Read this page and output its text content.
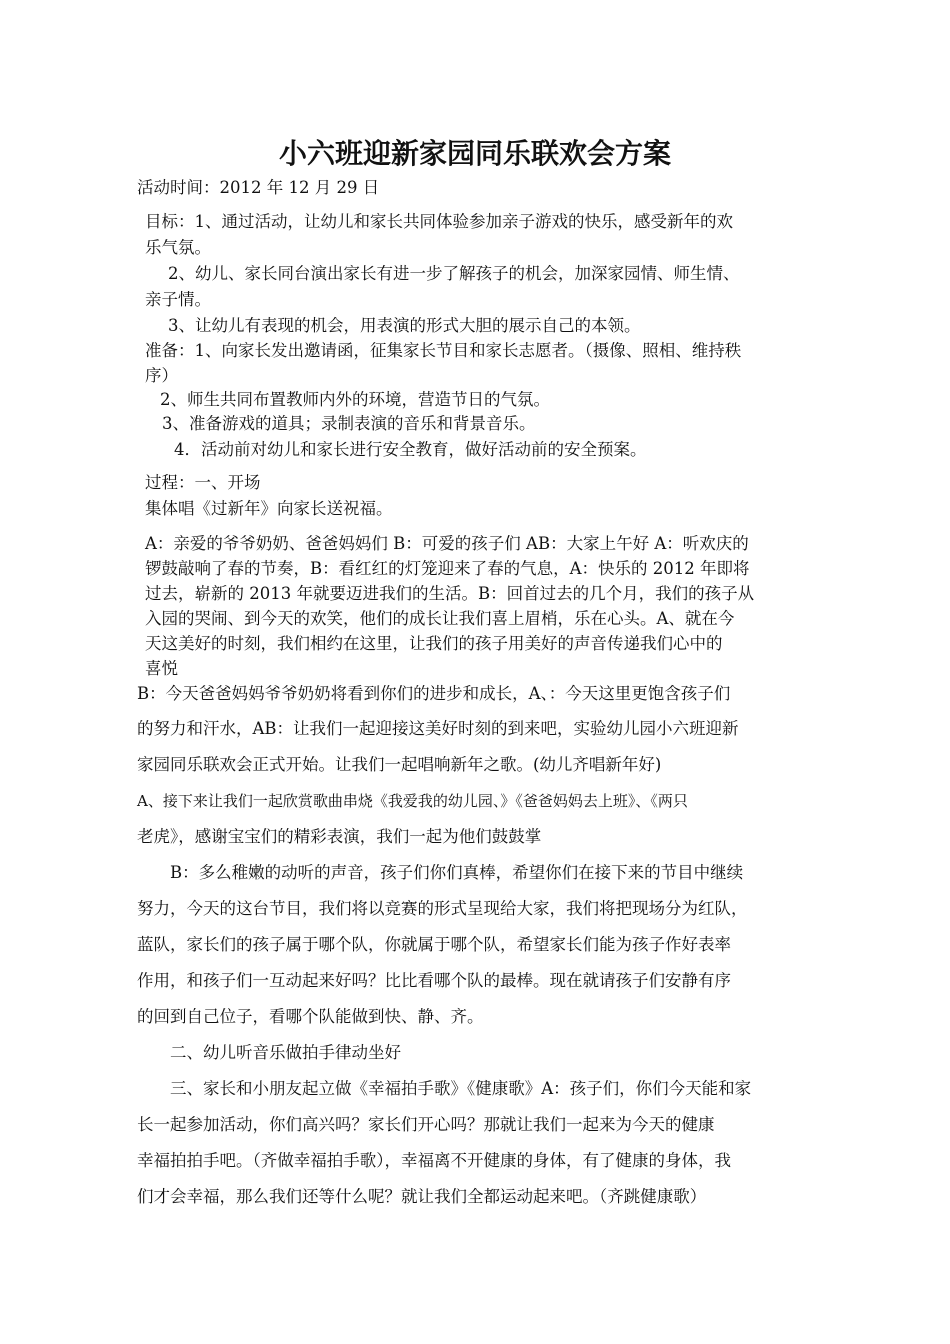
小六班迎新家园同乐联欢会方案
活动时间：2012 年 12 月 29 日
目标：1、通过活动，让幼儿和家长共同体验参加亲子游戏的快乐，感受新年的欢
乐气氛。
2、幼儿、家长同台演出家长有进一步了解孩子的机会，加深家园情、师生情、
亲子情。
3、让幼儿有表现的机会，用表演的形式大胆的展示自己的本领。
准备：1、向家长发出邀请函，征集家长节目和家长志愿者。（摄像、照相、维持秩
序）
2、师生共同布置教师内外的环境，营造节日的气氛。
3、准备游戏的道具；录制表演的音乐和背景音乐。
4．活动前对幼儿和家长进行安全教育，做好活动前的安全预案。
过程：一、开场
集体唱《过新年》向家长送祝福。
A：亲爱的爷爷奶奶、爸爸妈妈们 B：可爱的孩子们 AB：大家上午好 A：听欢庆的
锣鼓敲响了春的节奏，B：看红红的灯笼迎来了春的气息，A：快乐的 2012 年即将
过去，崭新的 2013 年就要迈进我们的生活。B：回首过去的几个月，我们的孩子从
入园的哭闹、到今天的欢笑，他们的成长让我们喜上眉梢，乐在心头。A、就在今
天这美好的时刻，我们相约在这里，让我们的孩子用美好的声音传递我们心中的
喜悦
B：今天爸爸妈妈爷爷奶奶将看到你们的进步和成长，A、：今天这里更饱含孩子们
的努力和汗水，AB：让我们一起迎接这美好时刻的到来吧，实验幼儿园小六班迎新
家园同乐联欢会正式开始。让我们一起唱响新年之歌。(幼儿齐唱新年好)
A、接下来让我们一起欣赏歌曲串烧《我爱我的幼儿园、》《爸爸妈妈去上班》、《两只
老虎》，感谢宝宝们的精彩表演，我们一起为他们鼓鼓掌
B：多么稚嫩的动听的声音，孩子们你们真棒，希望你们在接下来的节目中继续
努力，今天的这台节目，我们将以竞赛的形式呈现给大家，我们将把现场分为红队，
蓝队，家长们的孩子属于哪个队，你就属于哪个队，希望家长们能为孩子作好表率
作用，和孩子们一互动起来好吗？比比看哪个队的最棒。现在就请孩子们安静有序
的回到自己位子，看哪个队能做到快、静、齐。
二、幼儿听音乐做拍手律动坐好
三、家长和小朋友起立做《幸福拍手歌》《健康歌》A：孩子们，你们今天能和家
长一起参加活动，你们高兴吗？家长们开心吗？那就让我们一起来为今天的健康
幸福拍拍手吧。（齐做幸福拍手歌），幸福离不开健康的身体，有了健康的身体，我
们才会幸福，那么我们还等什么呢？就让我们全都运动起来吧。（齐跳健康歌）
